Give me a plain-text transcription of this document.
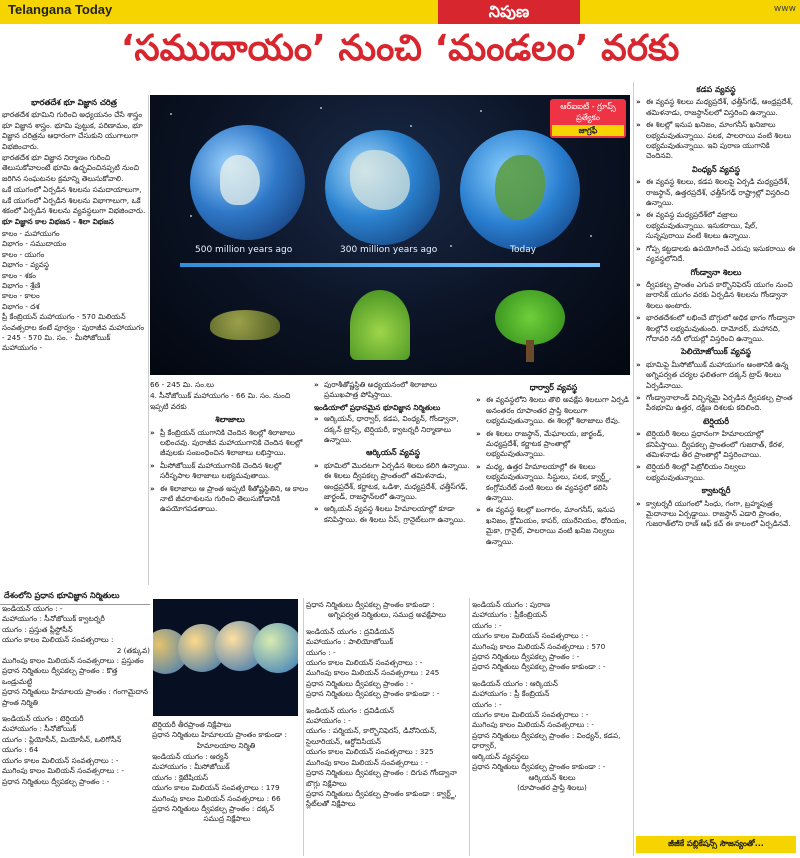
Telangana Today	నిపుణ	www
‘సముదాయం’ నుంచి ‘మండలం’ వరకు
భారతదేశ భూ విజ్ఞాన చరిత్ర

భారతదేశ భూమిని గురించి అధ్యయనం చేసే శాస్త్రం భూ విజ్ఞాన శాస్త్రం. భూమి పుట్టుక, పరిణామం, భూ విజ్ఞాన చరిత్రను ఆధారంగా చేసుకుని యుగాలుగా విభజించారు.

భారతదేశ భూ విజ్ఞాన నిర్మాణం గురించి తెలుసుకోవాలంటే భూమి ఉద్భవించినప్పటి నుంచి జరిగిన సంఘటనల క్రమాన్ని తెలుసుకోవాలి.

ఒకే యుగంలో ఏర్పడిన శిలలను సమదాయాలుగా, ఒకే యుగంలో ఏర్పడిన శిలలను విభాగాలుగా, ఒకే శకంలో ఏర్పడిన శిలలను వ్యవస్థలుగా విభజించారు.

భూ విజ్ఞాన కాల విభజన - శిలా విభజన

కాలం - మహాయుగం

విభాగం - సముదాయం

కాలం - యుగం

విభాగం - వ్యవస్థ

కాలం - శకం

విభాగం - శ్రేణి

కాలం - కాలం

విభాగం - దశ

ప్రీ కేంబ్రియన్ మహాయుగం - 570 మిలియన్ సంవత్సరాల కంటే పూర్వం · పురాజీవ మహాయుగం - 245 - 570 మి. సం. · మీసోజోయిక్ మహాయుగం -

500 million years ago	300 million years ago	Today
ఆర్ఐఐటీ - గ్రూప్స్ ప్రత్యేకం
జాగ్రఫీ

66 - 245 మి. సం.లు

4. సీనోజోయిక్ మహాయుగం - 66 మి. సం. నుంచి ఇప్పటి వరకు

శిలాజాలు
» ప్రీ కేంబ్రియన్ యుగానికి చెందిన శిలల్లో శిలాజాలు లభించవు. పురాజీవ మహాయుగానికి చెందిన శిలల్లో జీవులకు సంబంధించిన శిలాజాలు లభిస్తాయి.
» మీసోజోయిక్ మహాయుగానికి చెందిన శిలల్లో సరీసృపాల శిలాజాలు లభ్యమవుతాయి.
» ఈ శిలాజాలు ఆ ప్రాంత అప్పటి శీతోష్ణస్థితిని, ఆ కాలం నాటి జీవరాశులను గురించి తెలుసుకోడానికి ఉపయోగపడతాయి.
» పురాశీతోష్ణస్థితి అధ్యయనంలో శిలాజాలు ప్రముఖపాత్ర పోషిస్తాయి.

ఇండియాలో ప్రధానమైన భూవిజ్ఞాన నిర్మితులు

» ఆర్కియన్, ధార్వార్, కడప, వింధ్యన్, గోండ్వానా, దక్కన్ ట్రాప్స్, టెర్షియరీ, క్వాటర్నరీ నిర్మాణాలు ఉన్నాయి.
ఆర్కియన్ వ్యవస్థ
» భూమిలో మొదటగా ఏర్పడిన శిలలు కలిగి ఉన్నాయి. ఈ శిలలు ద్వీపకల్ప ప్రాంతంలో తమిళనాడు, ఆంధ్రప్రదేశ్, కర్ణాటక, ఒడిశా, మధ్యప్రదేశ్, ఛత్తీస్‌గఢ్, జార్ఖండ్, రాజస్థాన్‌లలో ఉన్నాయి.
» ఆర్కియన్ వ్యవస్థ శిలలు హిమాలయాల్లో కూడా కనిపిస్తాయి. ఈ శిలలు నీస్, గ్రానైట్‌లుగా ఉన్నాయి.
ధార్వార్ వ్యవస్థ
» ఈ వ్యవస్థలోని శిలలు తొలి అవక్షేప శిలలుగా ఏర్పడి అనంతరం రూపాంతర ప్రాప్తి శిలలుగా లభ్యమవుతున్నాయి. ఈ శిలల్లో శిలాజాలు లేవు.
» ఈ శిలలు రాజస్థాన్, మేఘాలయ, జార్ఖండ్, మధ్యప్రదేశ్, కర్ణాటక ప్రాంతాల్లో లభ్యమవుతున్నాయి.
» మధ్య, ఉత్తర హిమాలయాల్లో ఈ శిలలు లభ్యమవుతున్నాయి. సిస్టులు, పలక, క్వార్ట్జ్, కంగ్లోమరేట్ వంటి శిలలు ఈ వ్యవస్థలో కలిసి ఉన్నాయి.
» ఈ వ్యవస్థ శిలల్లో బంగారం, మాంగనీస్, ఇనుప ఖనిజం, క్రోమియం, కాపర్, యురేనియం, థోరియం, మైకా, గ్రానైట్, పాలరాయి వంటి ఖనిజ నిల్వలు ఉన్నాయి.
కడప వ్యవస్థ
» ఈ వ్యవస్థ శిలలు మధ్యప్రదేశ్, ఛత్తీస్‌గఢ్, ఆంధ్రప్రదేశ్, తమిళనాడు, రాజస్థాన్‌లలో విస్తరించి ఉన్నాయి.
» ఈ శిలల్లో ఇనుప ఖనిజం, మాంగనీస్ ఖనిజాలు లభ్యమవుతున్నాయి. పలక, పాలరాయి వంటి శిలలు లభ్యమవుతున్నాయి. ఇవి పురాణ యుగానికి చెందినవి.
వింధ్యన్ వ్యవస్థ
» ఈ వ్యవస్థ శిలలు, కడప శిలలపై ఏర్పడి మధ్యప్రదేశ్, రాజస్థాన్, ఉత్తరప్రదేశ్, ఛత్తీస్‌గఢ్ రాష్ట్రాల్లో విస్తరించి ఉన్నాయి.
» ఈ వ్యవస్థ మధ్యప్రదేశ్‌లో వజ్రాలు లభ్యమవుతున్నాయి. ఇసుకరాయి, షేల్, సున్నపురాయి వంటి శిలలు ఉన్నాయి.
» గోప్ప కట్టడాలకు ఉపయోగించే ఎరుపు ఇసుకరాయి ఈ వ్యవస్థలోనిదే.
గోండ్వానా శిలలు
» ద్వీపకల్ప ప్రాంతం ఎగువ కార్బొనిఫెరస్ యుగం నుంచి జురాసిక్ యుగం వరకు ఏర్పడిన శిలలను గోండ్వానా శిలలు అంటారు.
» భారతదేశంలో లభించే బొగ్గులో అధిక భాగం గోండ్వానా శిలల్లోనే లభ్యమవుతుంది. దామోదర్, మహానది, గోదావరి నదీ లోయల్లో విస్తరించి ఉన్నాయి.
పెలియోజోయిక్ వ్యవస్థ
» భూమిపై మీసోజోయిక్ మహాయుగం అంతానికి ఉన్న అగ్నిపర్వత చర్యల ఫలితంగా దక్కన్ ట్రాప్ శిలలు ఏర్పడినాయి.
» గోండ్వానాలాండ్ విచ్ఛిన్నమై ఏర్పడిన ద్వీపకల్ప ప్రాంత పీఠభూమి ఉత్తర, దక్షిణ దిశలకు కదిలింది.
టెర్షియరీ
» టెర్షియరీ శిలలు ప్రధానంగా హిమాలయాల్లో కనిపిస్తాయి. ద్వీపకల్ప ప్రాంతంలో గుజరాత్, కేరళ, తమిళనాడు తీర ప్రాంతాల్లో విస్తరించాయి.
» టెర్షియరీ శిలల్లో పెట్రోలియం నిల్వలు లభ్యమవుతున్నాయి.
క్వాటర్నరీ
» క్వాటర్నరీ యుగంలో సింధు, గంగా, బ్రహ్మపుత్ర మైదానాలు ఏర్పడ్డాయి. రాజస్థాన్ ఎడారి ప్రాంతం, గుజరాత్‌లోని రాణ్ ఆఫ్ కచ్ ఈ కాలంలో ఏర్పడినవే.
దేశంలోని ప్రధాన భూవిజ్ఞాన నిర్మితులు

ఇండియన్ యుగం : -

మహాయుగం : సీనోజోయిక్ క్వాటర్నరీ

యుగం : ప్రస్తుత ప్లీస్టోసీన్

యుగం కాలం మిలియన్ సంవత్సరాలు :

2 (తక్కువ)

ముగింపు కాలం మిలియన్ సంవత్సరాలు : ప్రస్తుతం

ప్రధాన నిర్మితులు ద్వీపకల్ప ప్రాంతం : కొత్త ఒండ్రుమట్టి

ప్రధాన నిర్మితులు హిమాలయ ప్రాంతం : గంగామైదాన ప్రాంత నిర్మితి

ఇండియన్ యుగం : టెర్షియరీ

మహాయుగం : సీనోజోయిక్

యుగం : ప్లియోసీన్, మియోసీన్, ఒలిగోసీన్

యుగం : 64

యుగం కాలం మిలియన్ సంవత్సరాలు : -

ముగింపు కాలం మిలియన్ సంవత్సరాలు : -

ప్రధాన నిర్మితులు ద్వీపకల్ప ప్రాంతం : -

టెర్షియరీ తీరప్రాంత నిక్షేపాలు

ప్రధాన నిర్మితులు హిమాలయ ప్రాంతం కాకుండా :

హిమాలయాల నిర్మితి

ఇండియన్ యుగం : ఆర్యన్

మహాయుగం : మీసోజోయిక్

యుగం : క్రెటేషియస్

యుగం కాలం మిలియన్ సంవత్సరాలు : 179

ముగింపు కాలం మిలియన్ సంవత్సరాలు : 66

ప్రధాన నిర్మితులు ద్వీపకల్ప ప్రాంతం : దక్కన్

సముద్ర నిక్షేపాలు

ప్రధాన నిర్మితులు ద్వీపకల్ప ప్రాంతం కాకుండా :

అగ్నిపర్వత నిర్మితులు, సముద్ర అవక్షేపాలు

ఇండియన్ యుగం : ద్రవిడియన్

మహాయుగం : పాలియోజోయిక్

యుగం : -

యుగం కాలం మిలియన్ సంవత్సరాలు : -

ముగింపు కాలం మిలియన్ సంవత్సరాలు : 245

ప్రధాన నిర్మితులు ద్వీపకల్ప ప్రాంతం : -

ప్రధాన నిర్మితులు ద్వీపకల్ప ప్రాంతం కాకుండా : -

ఇండియన్ యుగం : ద్రవిడియన్

మహాయుగం : -

యుగం : పర్మియన్, కార్బొనిఫెరస్, డివోనియన్, సైలూరియన్, ఆర్డోవిసియన్

యుగం కాలం మిలియన్ సంవత్సరాలు : 325

ముగింపు కాలం మిలియన్ సంవత్సరాలు : -

ప్రధాన నిర్మితులు ద్వీపకల్ప ప్రాంతం : దిగువ గోండ్వానా బొగ్గు నిక్షేపాలు

ప్రధాన నిర్మితులు ద్వీపకల్ప ప్రాంతం కాకుండా : క్వార్ట్జ్, స్లేట్‌లతో నిక్షేపాలు

ఇండియన్ యుగం : పురాణ

మహాయుగం : ప్రీకేంబ్రియన్

యుగం : -

యుగం కాలం మిలియన్ సంవత్సరాలు : -

ముగింపు కాలం మిలియన్ సంవత్సరాలు : 570

ప్రధాన నిర్మితులు ద్వీపకల్ప ప్రాంతం : -

ప్రధాన నిర్మితులు ద్వీపకల్ప ప్రాంతం కాకుండా : -

ఇండియన్ యుగం : ఆర్కియన్

మహాయుగం : ప్రీ కేంబ్రియన్

యుగం : -

యుగం కాలం మిలియన్ సంవత్సరాలు : -

ముగింపు కాలం మిలియన్ సంవత్సరాలు : -

ప్రధాన నిర్మితులు ద్వీపకల్ప ప్రాంతం : వింధ్యన్, కడప, ధార్వార్,

ఆర్కియన్ వ్యవస్థలు

ప్రధాన నిర్మితులు ద్వీపకల్ప ప్రాంతం కాకుండా : -

ఆర్కియన్ శిలలు

(రూపాంతర ప్రాప్తి శిలలు)

జీజీకే పబ్లికేషన్స్ సౌజన్యంతో...
